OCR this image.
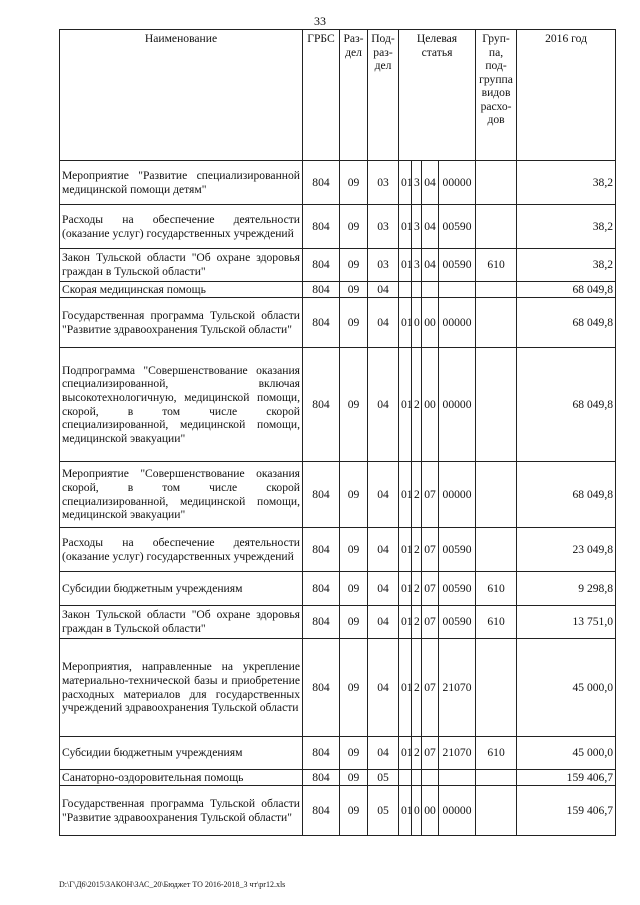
33
Наименование	ГРБС	Раз-дел	Под-раз-дел	Целевая статья				Груп-па, под-группа видов расхо-дов	2016 год
Мероприятие "Развитие специализированной медицинской помощи детям"	804	09	03	01	3	04	00000		38,2
Расходы на обеспечение деятельности (оказание услуг) государственных учреждений	804	09	03	01	3	04	00590		38,2
Закон Тульской области "Об охране здоровья граждан в Тульской области"	804	09	03	01	3	04	00590	610	38,2
Скорая медицинская помощь	804	09	04						68 049,8
Государственная программа Тульской области "Развитие здравоохранения Тульской области"	804	09	04	01	0	00	00000		68 049,8
Подпрограмма "Совершенствование оказания специализированной, включая высокотехнологичную, медицинской помощи, скорой, в том числе скорой специализированной, медицинской помощи, медицинской эвакуации"	804	09	04	01	2	00	00000		68 049,8
Мероприятие "Совершенствование оказания скорой, в том числе скорой специализированной, медицинской помощи, медицинской эвакуации"	804	09	04	01	2	07	00000		68 049,8
Расходы на обеспечение деятельности (оказание услуг) государственных учреждений	804	09	04	01	2	07	00590		23 049,8
Субсидии бюджетным учреждениям	804	09	04	01	2	07	00590	610	9 298,8
Закон Тульской области "Об охране здоровья граждан в Тульской области"	804	09	04	01	2	07	00590	610	13 751,0
Мероприятия, направленные на укрепление материально-технической базы и приобретение расходных материалов для государственных учреждений здравоохранения Тульской области	804	09	04	01	2	07	21070		45 000,0
Субсидии бюджетным учреждениям	804	09	04	01	2	07	21070	610	45 000,0
Санаторно-оздоровительная помощь	804	09	05						159 406,7
Государственная программа Тульской области "Развитие здравоохранения Тульской области"	804	09	05	01	0	00	00000		159 406,7
D:\Г\Д6\2015\ЗАКОН\ЗАС_20\Бюджет ТО 2016-2018_3 чт\pr12.xls
